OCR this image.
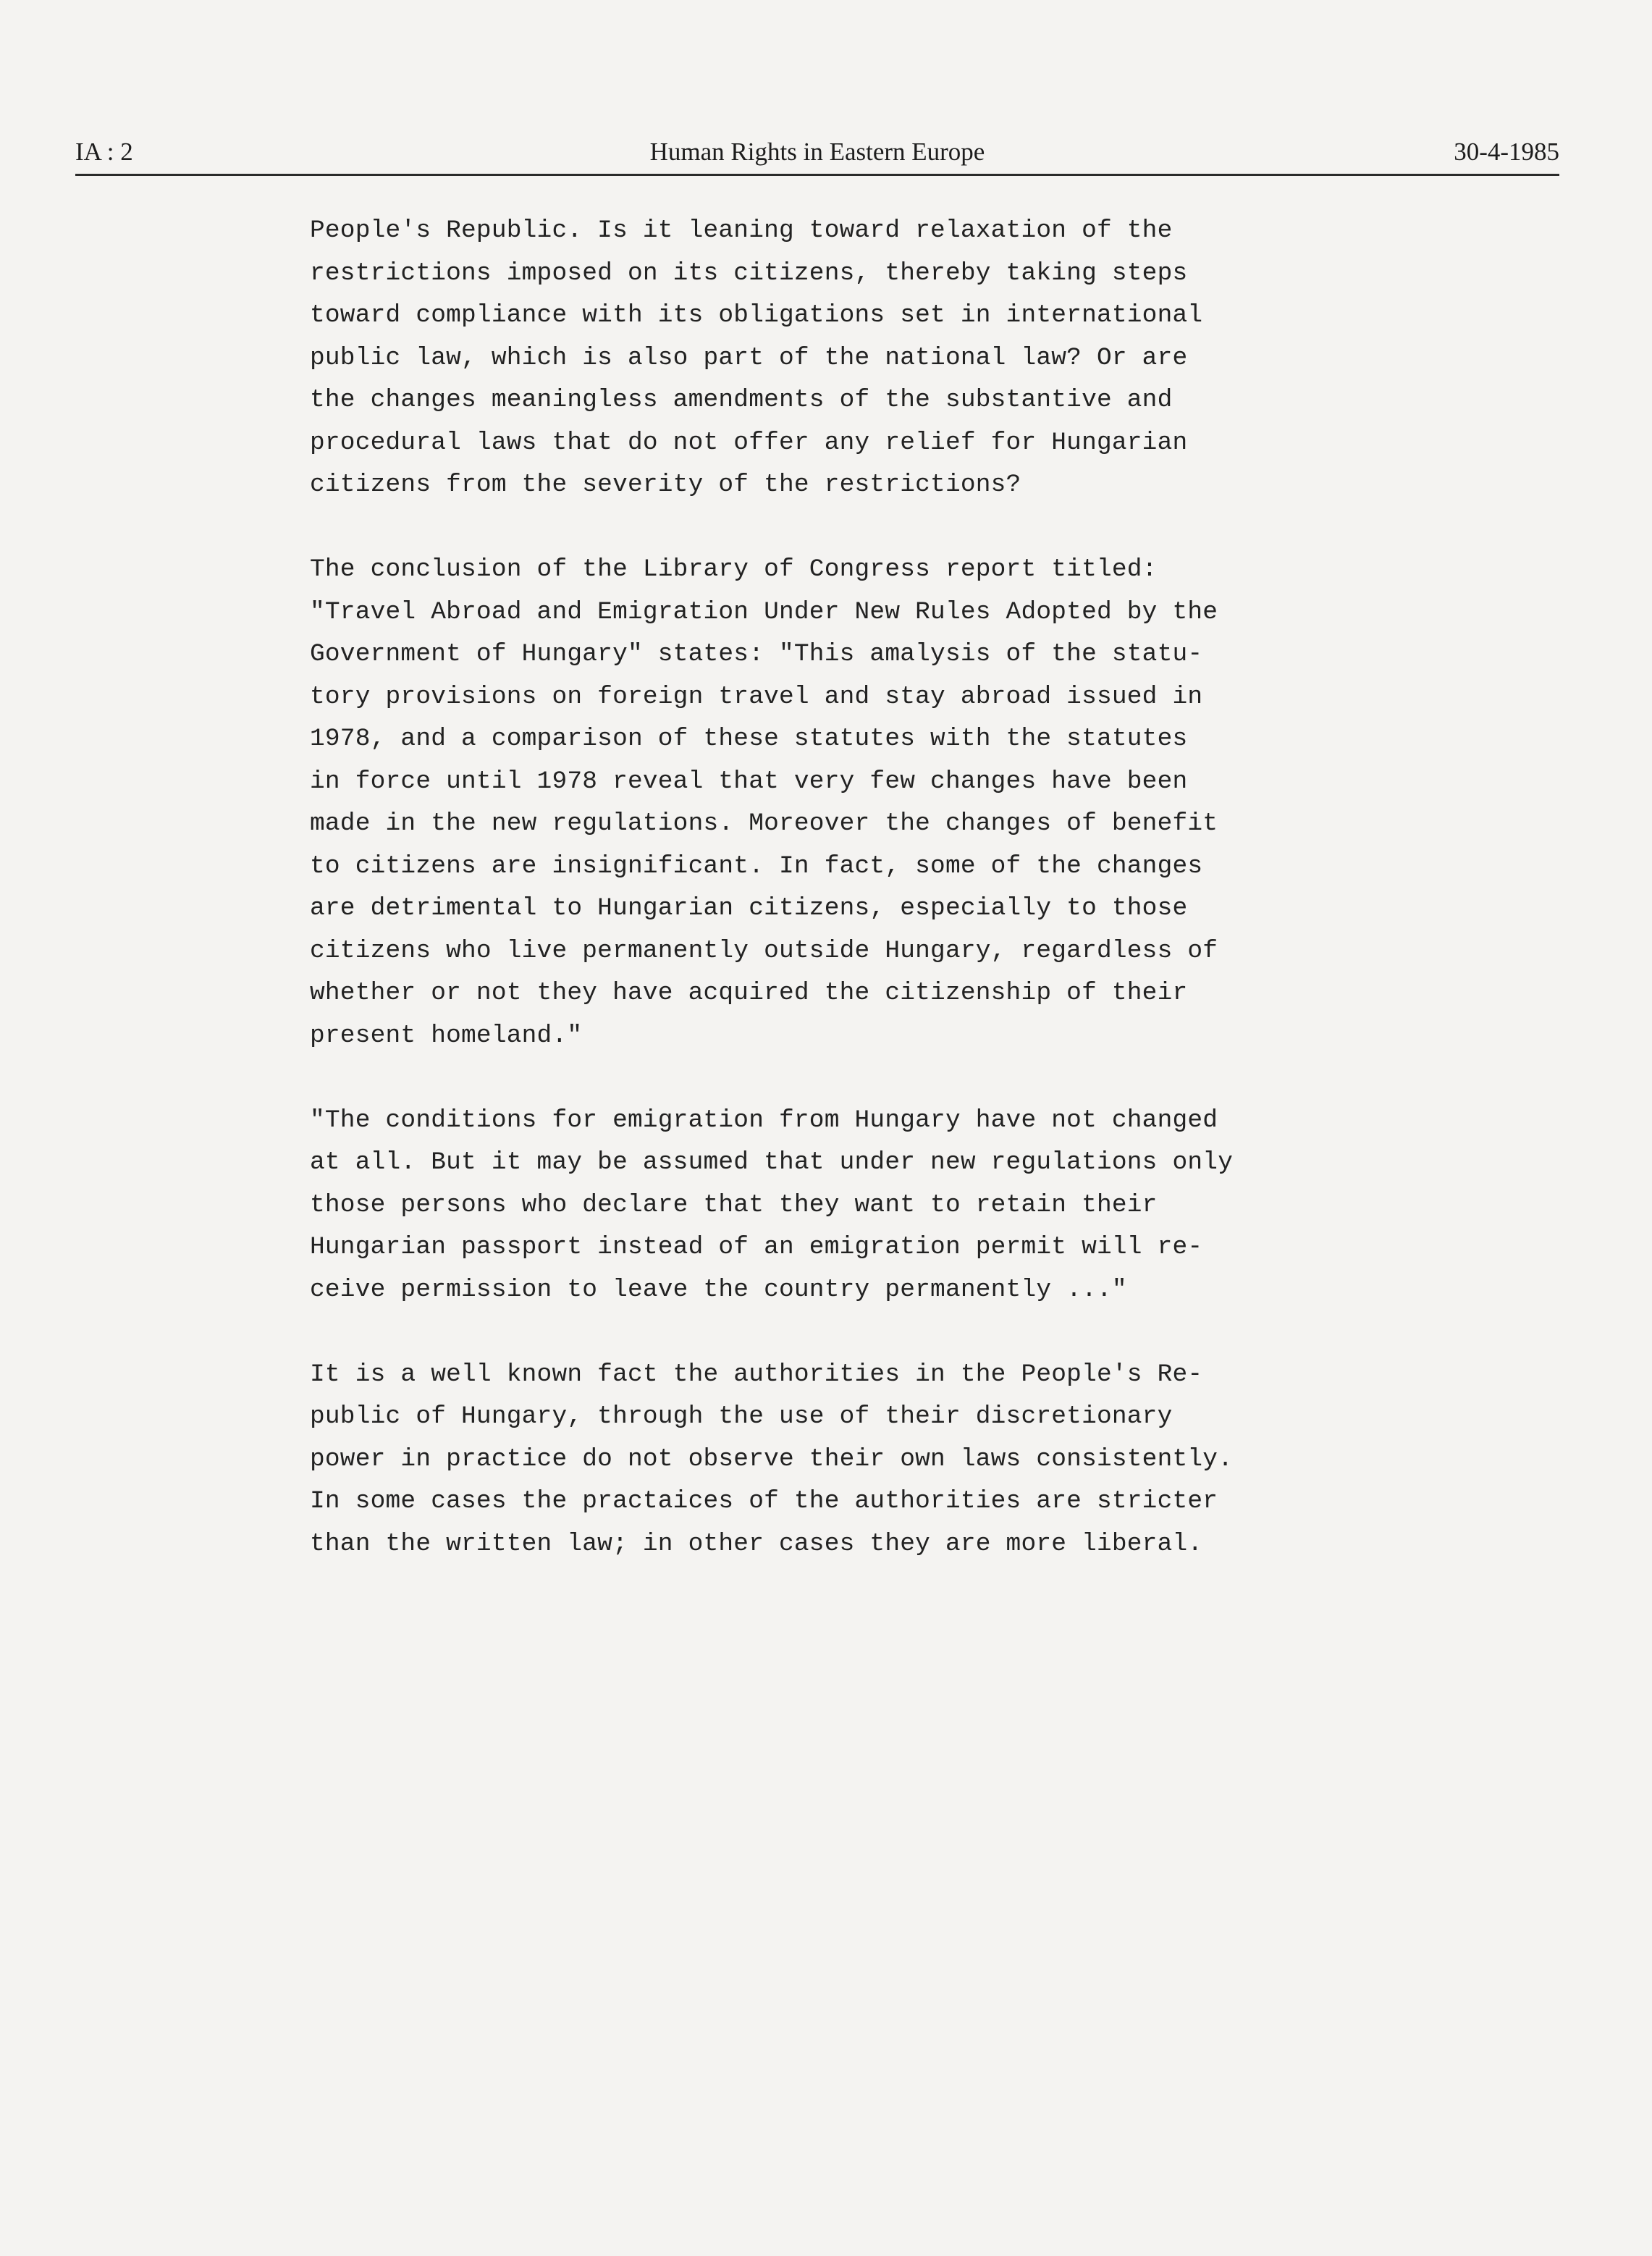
IA : 2	Human Rights in Eastern Europe	30-4-1985
People's Republic. Is it leaning toward relaxation of the
restrictions imposed on its citizens, thereby taking steps
toward compliance with its obligations set in international
public law, which is also part of the national law? Or are
the changes meaningless amendments of the substantive and
procedural laws that do not offer any relief for Hungarian
citizens from the severity of the restrictions?
The conclusion of the Library of Congress report titled:
"Travel Abroad and Emigration Under New Rules Adopted by the
Government of Hungary" states: "This amalysis of the statu-
tory provisions on foreign travel and stay abroad issued in
1978, and a comparison of these statutes with the statutes
in force until 1978 reveal that very few changes have been
made in the new regulations. Moreover the changes of benefit
to citizens are insignificant. In fact, some of the changes
are detrimental to Hungarian citizens, especially to those
citizens who live permanently outside Hungary, regardless of
whether or not they have acquired the citizenship of their
present homeland."
"The conditions for emigration from Hungary have not changed
at all. But it may be assumed that under new regulations only
those persons who declare that they want to retain their
Hungarian passport instead of an emigration permit will re-
ceive permission to leave the country permanently ..."
It is a well known fact the authorities in the People's Re-
public of Hungary, through the use of their discretionary
power in practice do not observe their own laws consistently.
In some cases the practaices of the authorities are stricter
than the written law; in other cases they are more liberal.
